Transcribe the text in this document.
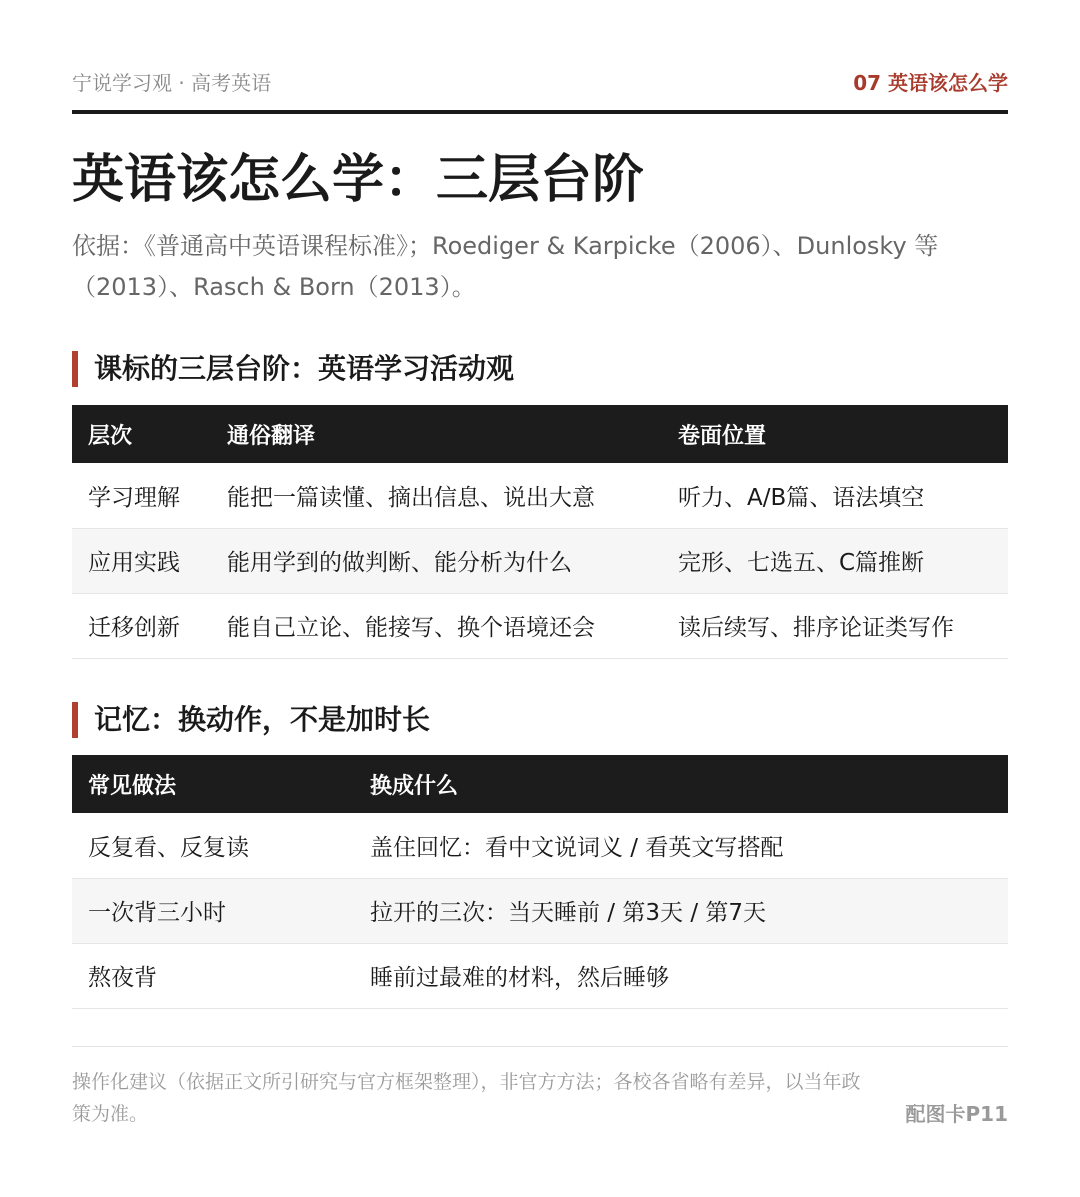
宁说学习观 · 高考英语	07 英语该怎么学
英语该怎么学：三层台阶

依据：《普通高中英语课程标准》；Roediger & Karpicke（2006）、Dunlosky 等（2013）、Rasch & Born（2013）。

课标的三层台阶：英语学习活动观
层次	通俗翻译	卷面位置
学习理解	能把一篇读懂、摘出信息、说出大意	听力、A/B篇、语法填空
应用实践	能用学到的做判断、能分析为什么	完形、七选五、C篇推断
迁移创新	能自己立论、能接写、换个语境还会	读后续写、排序论证类写作
记忆：换动作，不是加时长
常见做法	换成什么
反复看、反复读	盖住回忆：看中文说词义 / 看英文写搭配
一次背三小时	拉开的三次：当天睡前 / 第3天 / 第7天
熬夜背	睡前过最难的材料，然后睡够

操作化建议（依据正文所引研究与官方框架整理），非官方方法；各校各省略有差异，以当年政策为准。	配图卡P11
